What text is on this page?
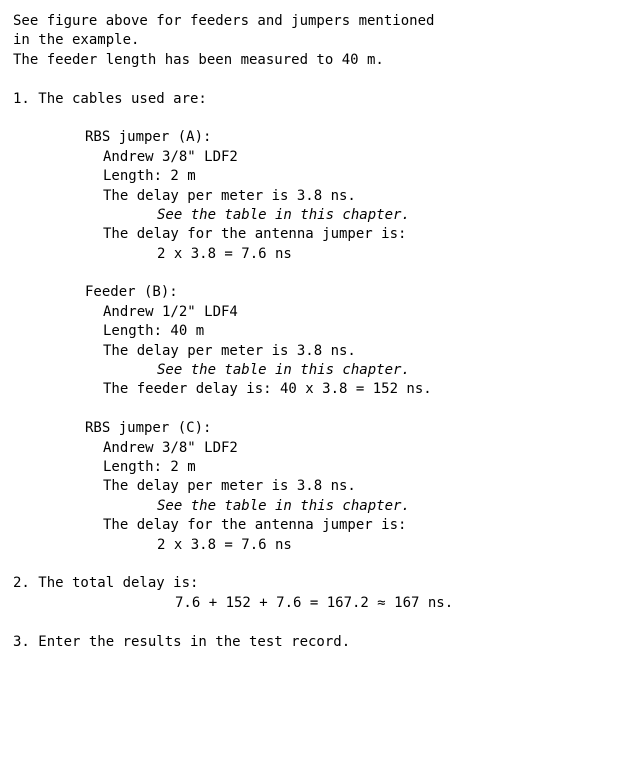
See figure above for feeders and jumpers mentioned
in the example.
The feeder length has been measured to 40 m.
1. The cables used are:
RBS jumper (A):
Andrew 3/8" LDF2
Length: 2 m
The delay per meter is 3.8 ns.
See the table in this chapter.
The delay for the antenna jumper is:
2 x 3.8 = 7.6 ns
Feeder (B):
Andrew 1/2" LDF4
Length: 40 m
The delay per meter is 3.8 ns.
See the table in this chapter.
The feeder delay is: 40 x 3.8 = 152 ns.
RBS jumper (C):
Andrew 3/8" LDF2
Length: 2 m
The delay per meter is 3.8 ns.
See the table in this chapter.
The delay for the antenna jumper is:
2 x 3.8 = 7.6 ns
2. The total delay is:
7.6 + 152 + 7.6 = 167.2 ≈ 167 ns.
3. Enter the results in the test record.
